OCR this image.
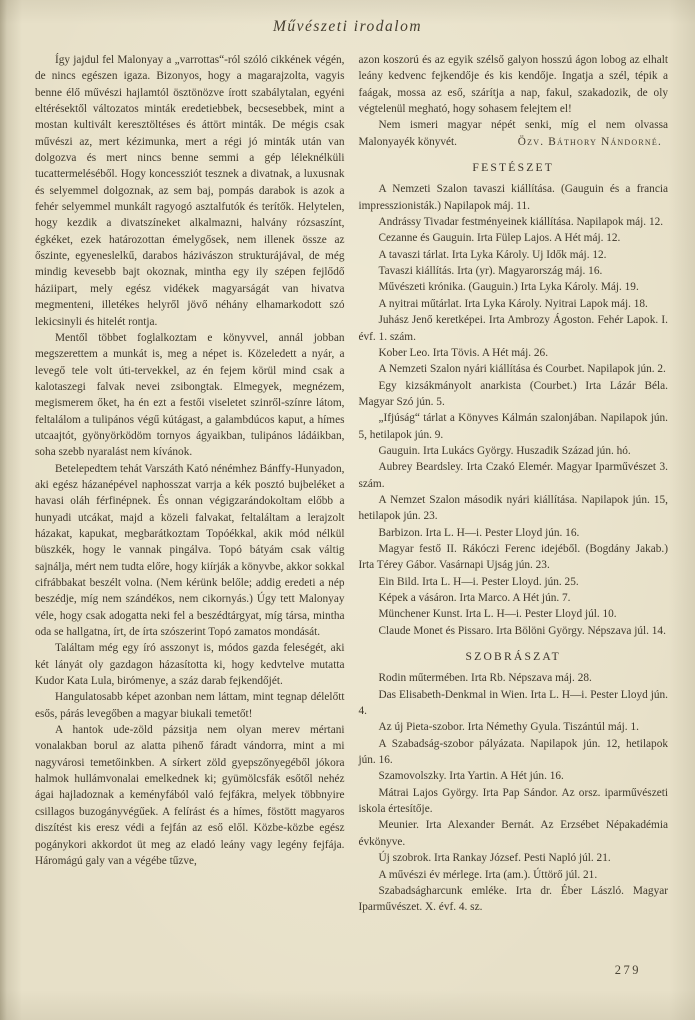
Művészeti irodalom

Így jajdul fel Malonyay a „varrottas“-ról szóló cikkének végén, de nincs egészen igaza. Bizonyos, hogy a magarajzolta, vagyis benne élő művészi hajlamtól ösztönözve írott szabálytalan, egyéni eltérésektől változatos minták eredetiebbek, becsesebbek, mint a mostan kultivált keresztöltéses és áttört minták. De mégis csak művészi az, mert kézimunka, mert a régi jó minták után van dolgozva és mert nincs benne semmi a gép léleknélküli tucattermeléséből. Hogy koncessziót tesznek a divatnak, a luxusnak és selyemmel dolgoznak, az sem baj, pompás darabok is azok a fehér selyemmel munkált ragyogó asztalfutók és terítők. Helytelen, hogy kezdik a divatszíneket alkalmazni, halvány rózsaszínt, égkéket, ezek határozottan émelygősek, nem illenek össze az őszinte, egyeneslelkű, darabos házivászon strukturájával, de még mindig kevesebb bajt okoznak, mintha egy ily szépen fejlődő háziipart, mely egész vidékek magyarságát van hivatva megmenteni, illetékes helyről jövő néhány elhamarkodott szó lekicsinyli és hitelét rontja.

Mentől többet foglalkoztam e könyvvel, annál jobban megszerettem a munkát is, meg a népet is. Közeledett a nyár, a levegő tele volt úti-tervekkel, az én fejem körül mind csak a kalotaszegi falvak nevei zsibongtak. Elmegyek, megnézem, megismerem őket, ha én ezt a festői viseletet szinről-színre látom, feltalálom a tulipános végű kútágast, a galambdúcos kaput, a hímes utcaajtót, gyönyörködöm tornyos ágyaikban, tulipános ládáikban, soha szebb nyaralást nem kívánok.

Betelepedtem tehát Varszáth Kató nénémhez Bánffy-Hunyadon, aki egész házanépével naphosszat varrja a kék posztó bujbeléket a havasi oláh férfinépnek. És onnan végigzarándokoltam előbb a hunyadi utcákat, majd a közeli falvakat, feltaláltam a lerajzolt házakat, kapukat, megbarátkoztam Topóékkal, akik mód nélkül büszkék, hogy le vannak pingálva. Topó bátyám csak váltig sajnálja, mért nem tudta előre, hogy kiírják a könyvbe, akkor sokkal cifrábbakat beszélt volna. (Nem kérünk belőle; addig eredeti a nép beszédje, míg nem szándékos, nem cikornyás.) Úgy tett Malonyay véle, hogy csak adogatta neki fel a beszédtárgyat, míg társa, mintha oda se hallgatna, írt, de írta szószerint Topó zamatos mondását.

Találtam még egy író asszonyt is, módos gazda feleségét, aki két lányát oly gazdagon házasította ki, hogy kedvtelve mutatta Kudor Kata Lula, birómenye, a száz darab fejkendőjét.

Hangulatosabb képet azonban nem láttam, mint tegnap délelőtt esős, párás levegőben a magyar biukali temetőt!

A hantok ude-zöld pázsitja nem olyan merev mértani vonalakban borul az alatta pihenő fáradt vándorra, mint a mi nagyvárosi temetőinkben. A sírkert zöld gyepszőnyegéből jókora halmok hullámvonalai emelkednek ki; gyümölcsfák esőtől nehéz ágai hajladoznak a keményfából való fejfákra, melyek többnyire csillagos buzogányvégűek. A felírást és a hímes, föstött magyaros diszítést kis eresz védi a fejfán az eső elől. Közbe-közbe egész pogánykori akkordot üt meg az eladó leány vagy legény fejfája. Háromágú galy van a végébe tűzve,

azon koszorú és az egyik szélső galyon hosszú ágon lobog az elhalt leány kedvenc fejkendője és kis kendője. Ingatja a szél, tépik a faágak, mossa az eső, szárítja a nap, fakul, szakadozik, de oly végtelenül megható, hogy sohasem felejtem el!

Nem ismeri magyar népét senki, míg el nem olvassa Malonyayék könyvét.	Özv. Báthory Nándorné.

FESTÉSZET

A Nemzeti Szalon tavaszi kiállítása. (Gauguin és a francia impresszionisták.) Napilapok máj. 11.

Andrássy Tivadar festményeinek kiállítása. Napilapok máj. 12.

Cezanne és Gauguin. Irta Fülep Lajos. A Hét máj. 12.

A tavaszi tárlat. Irta Lyka Károly. Uj Idők máj. 12.

Tavaszi kiállítás. Irta (yr). Magyarország máj. 16.

Művészeti krónika. (Gauguin.) Irta Lyka Károly. Máj. 19.

A nyitrai műtárlat. Irta Lyka Károly. Nyitrai Lapok máj. 18.

Juhász Jenő keretképei. Irta Ambrozy Ágoston. Fehér Lapok. I. évf. 1. szám.

Kober Leo. Irta Tövis. A Hét máj. 26.

A Nemzeti Szalon nyári kiállítása és Courbet. Napilapok jún. 2.

Egy kizsákmányolt anarkista (Courbet.) Irta Lázár Béla. Magyar Szó jún. 5.

„Ifjúság“ tárlat a Könyves Kálmán szalonjában. Napilapok jún. 5, hetilapok jún. 9.

Gauguin. Irta Lukács György. Huszadik Század jún. hó.

Aubrey Beardsley. Irta Czakó Elemér. Magyar Iparművészet 3. szám.

A Nemzet Szalon második nyári kiállítása. Napilapok jún. 15, hetilapok jún. 23.

Barbizon. Irta L. H—i. Pester Lloyd jún. 16.

Magyar festő II. Rákóczi Ferenc idejéből. (Bogdány Jakab.) Irta Térey Gábor. Vasárnapi Ujság jún. 23.

Ein Bild. Irta L. H—i. Pester Lloyd. jún. 25.

Képek a vásáron. Irta Marco. A Hét jún. 7.

Münchener Kunst. Irta L. H—i. Pester Lloyd júl. 10.

Claude Monet és Pissaro. Irta Bölöni György. Népszava júl. 14.

SZOBRÁSZAT

Rodin műtermében. Irta Rb. Népszava máj. 28.

Das Elisabeth-Denkmal in Wien. Irta L. H—i. Pester Lloyd jún. 4.

Az új Pieta-szobor. Irta Némethy Gyula. Tiszántúl máj. 1.

A Szabadság-szobor pályázata. Napilapok jún. 12, hetilapok jún. 16.

Szamovolszky. Irta Yartin. A Hét jún. 16.

Mátrai Lajos György. Irta Pap Sándor. Az orsz. iparművészeti iskola értesítője.

Meunier. Irta Alexander Bernát. Az Erzsébet Népakadémia évkönyve.

Új szobrok. Irta Rankay József. Pesti Napló júl. 21.

A művészi év mérlege. Irta (am.). Úttörő júl. 21.

Szabadságharcunk emléke. Irta dr. Éber László. Magyar Iparművészet. X. évf. 4. sz.

279
